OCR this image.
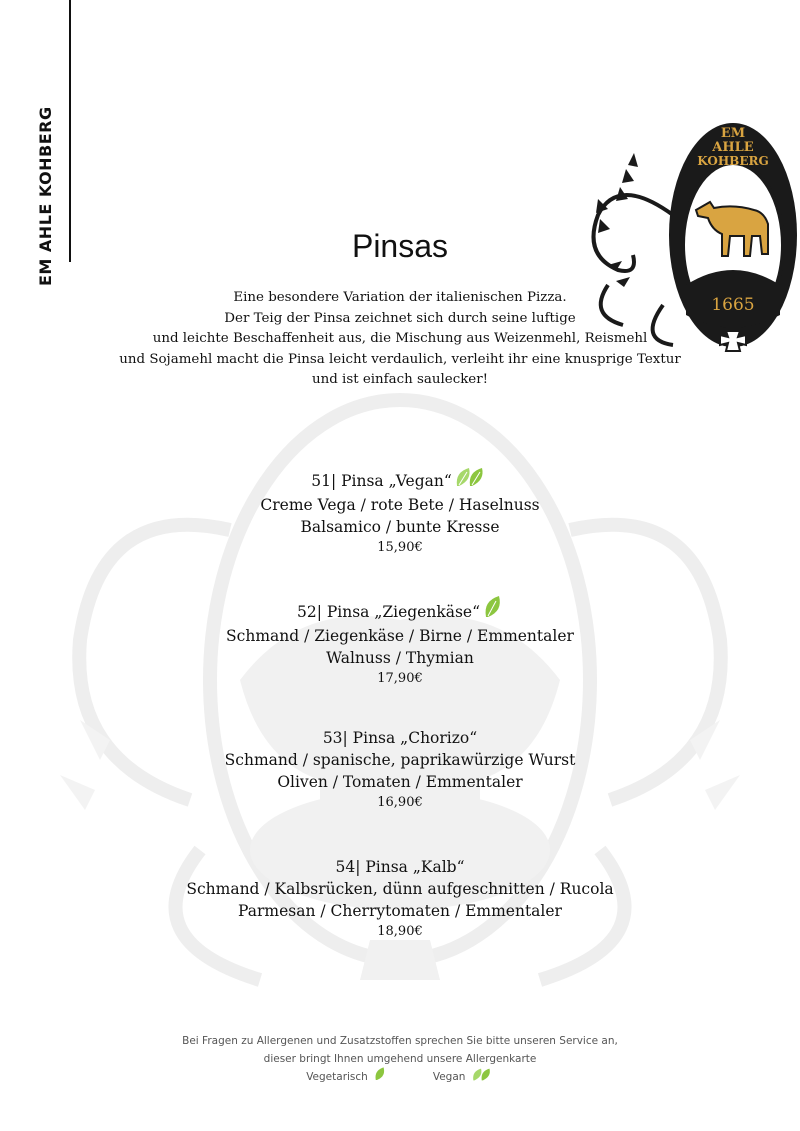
EM AHLE KOHBERG	EM
AHLE
KOHBERG
1665
Pinsas
Eine besondere Variation der italienischen Pizza.
Der Teig der Pinsa zeichnet sich durch seine luftige
und leichte Beschaffenheit aus, die Mischung aus Weizenmehl, Reismehl
und Sojamehl macht die Pinsa leicht verdaulich, verleiht ihr eine knusprige Textur
und ist einfach saulecker!
51| Pinsa „Vegan“
Creme Vega / rote Bete / Haselnuss
Balsamico / bunte Kresse
15,90€
52| Pinsa „Ziegenkäse“
Schmand / Ziegenkäse / Birne / Emmentaler
Walnuss / Thymian
17,90€
53| Pinsa „Chorizo“
Schmand / spanische, paprikawürzige Wurst
Oliven / Tomaten / Emmentaler
16,90€
54| Pinsa „Kalb“
Schmand / Kalbsrücken, dünn aufgeschnitten / Rucola
Parmesan / Cherrytomaten / Emmentaler
18,90€
Bei Fragen zu Allergenen und Zusatzstoffen sprechen Sie bitte unseren Service an,
dieser bringt Ihnen umgehend unsere Allergenkarte
Vegetarisch	Vegan
